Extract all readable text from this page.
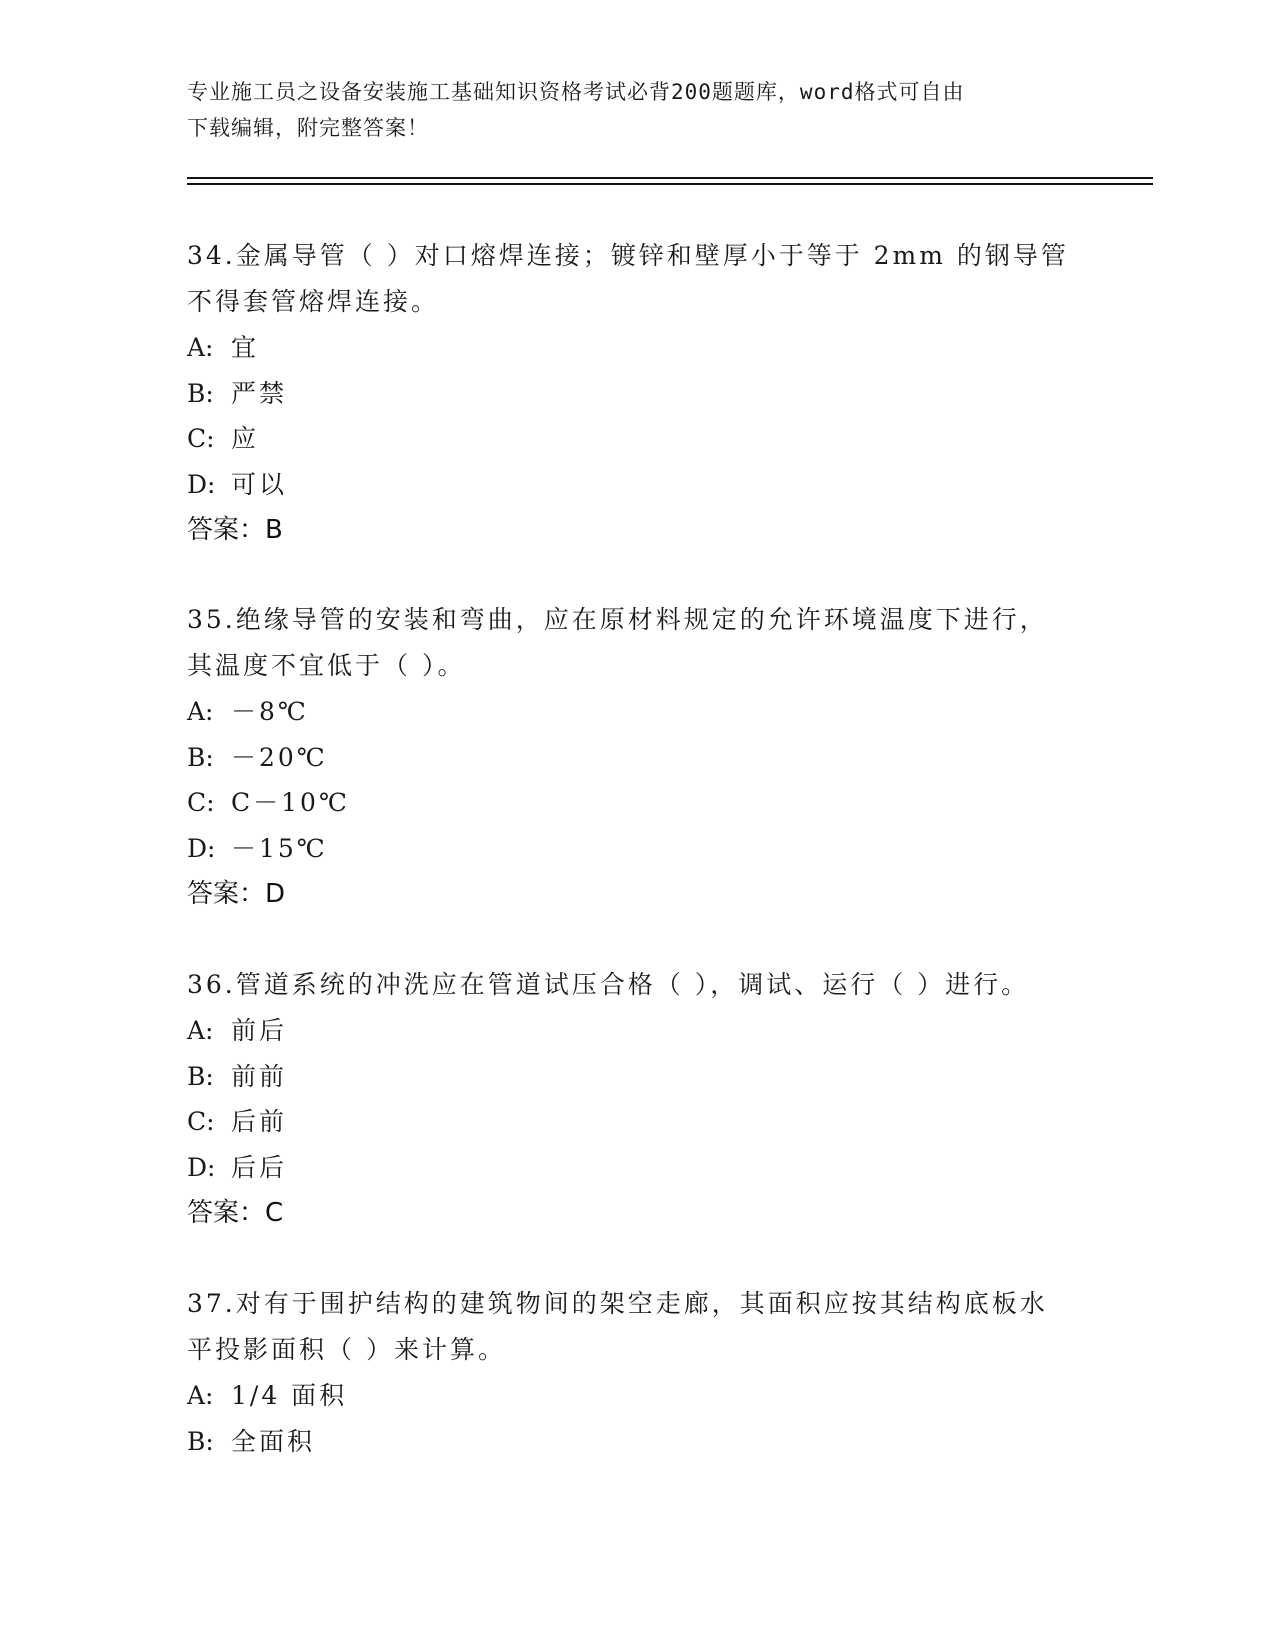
专业施工员之设备安装施工基础知识资格考试必背200题题库，word格式可自由
下载编辑，附完整答案！
34.金属导管（ ）对口熔焊连接；镀锌和壁厚小于等于 2mm 的钢导管
不得套管熔焊连接。
A: 宜
B: 严禁
C: 应
D: 可以
答案：B
35.绝缘导管的安装和弯曲，应在原材料规定的允许环境温度下进行，
其温度不宜低于（ ）。
A: －8℃
B: －20℃
C: C－10℃
D: －15℃
答案：D
36.管道系统的冲洗应在管道试压合格（ ），调试、运行（ ）进行。
A: 前后
B: 前前
C: 后前
D: 后后
答案：C
37.对有于围护结构的建筑物间的架空走廊，其面积应按其结构底板水
平投影面积（ ）来计算。
A: 1/4 面积
B: 全面积
